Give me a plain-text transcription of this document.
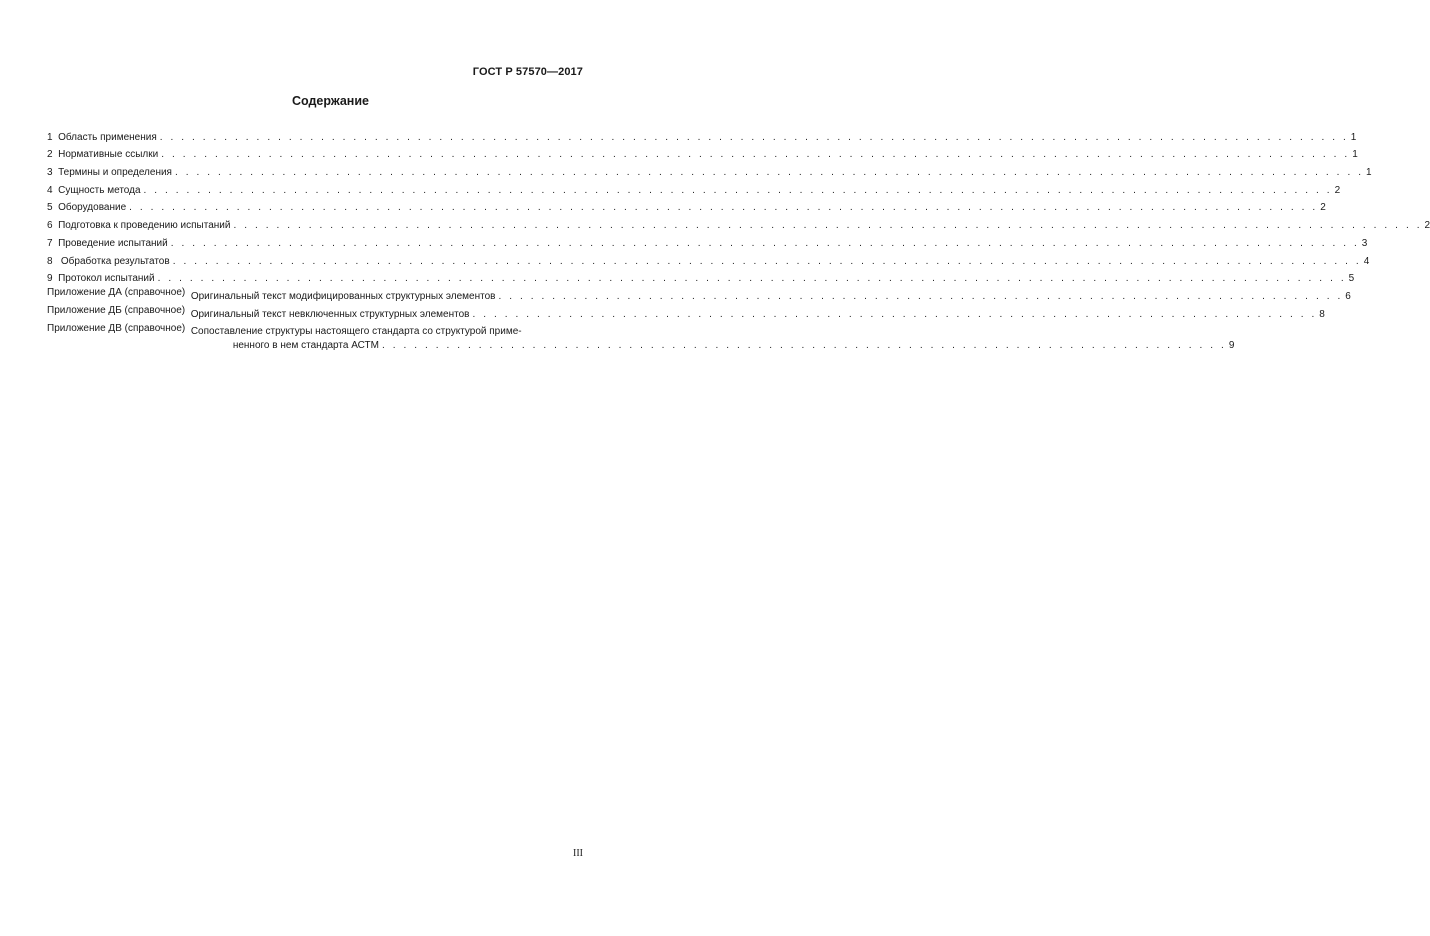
ГОСТ Р 57570—2017
Содержание
1  Область применения . . .	1
2  Нормативные ссылки . . .	1
3  Термины и определения . . .	1
4  Сущность метода . . .	2
5  Оборудование . . .	2
6  Подготовка к проведению испытаний . . .	2
7  Проведение испытаний . . .	3
8   Обработка результатов . . .	4
9  Протокол испытаний . . .	5
Приложение ДА (справочное) Оригинальный текст модифицированных структурных элементов . . .	6
Приложение ДБ (справочное) Оригинальный текст невключенных структурных элементов . . .	8
Приложение ДВ (справочное) Сопоставление структуры настоящего стандарта со структурой приме-
ненного в нем стандарта АСТМ . . .	9
III
